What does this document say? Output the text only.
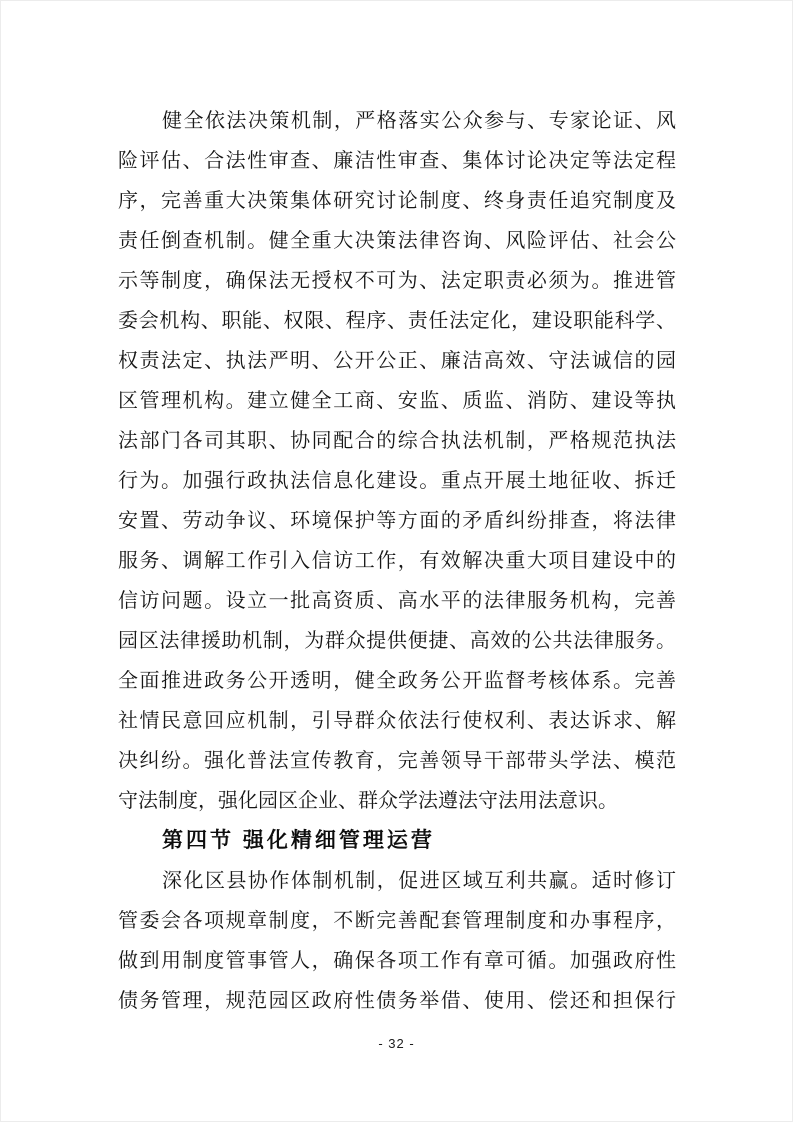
健全依法决策机制，严格落实公众参与、专家论证、风
险评估、合法性审查、廉洁性审查、集体讨论决定等法定程
序，完善重大决策集体研究讨论制度、终身责任追究制度及
责任倒查机制。健全重大决策法律咨询、风险评估、社会公
示等制度，确保法无授权不可为、法定职责必须为。推进管
委会机构、职能、权限、程序、责任法定化，建设职能科学、
权责法定、执法严明、公开公正、廉洁高效、守法诚信的园
区管理机构。建立健全工商、安监、质监、消防、建设等执
法部门各司其职、协同配合的综合执法机制，严格规范执法
行为。加强行政执法信息化建设。重点开展土地征收、拆迁
安置、劳动争议、环境保护等方面的矛盾纠纷排查，将法律
服务、调解工作引入信访工作，有效解决重大项目建设中的
信访问题。设立一批高资质、高水平的法律服务机构，完善
园区法律援助机制，为群众提供便捷、高效的公共法律服务。
全面推进政务公开透明，健全政务公开监督考核体系。完善
社情民意回应机制，引导群众依法行使权利、表达诉求、解
决纠纷。强化普法宣传教育，完善领导干部带头学法、模范
守法制度，强化园区企业、群众学法遵法守法用法意识。
第四节 强化精细管理运营
深化区县协作体制机制，促进区域互利共赢。适时修订
管委会各项规章制度，不断完善配套管理制度和办事程序，
做到用制度管事管人，确保各项工作有章可循。加强政府性
债务管理，规范园区政府性债务举借、使用、偿还和担保行
- 32 -
